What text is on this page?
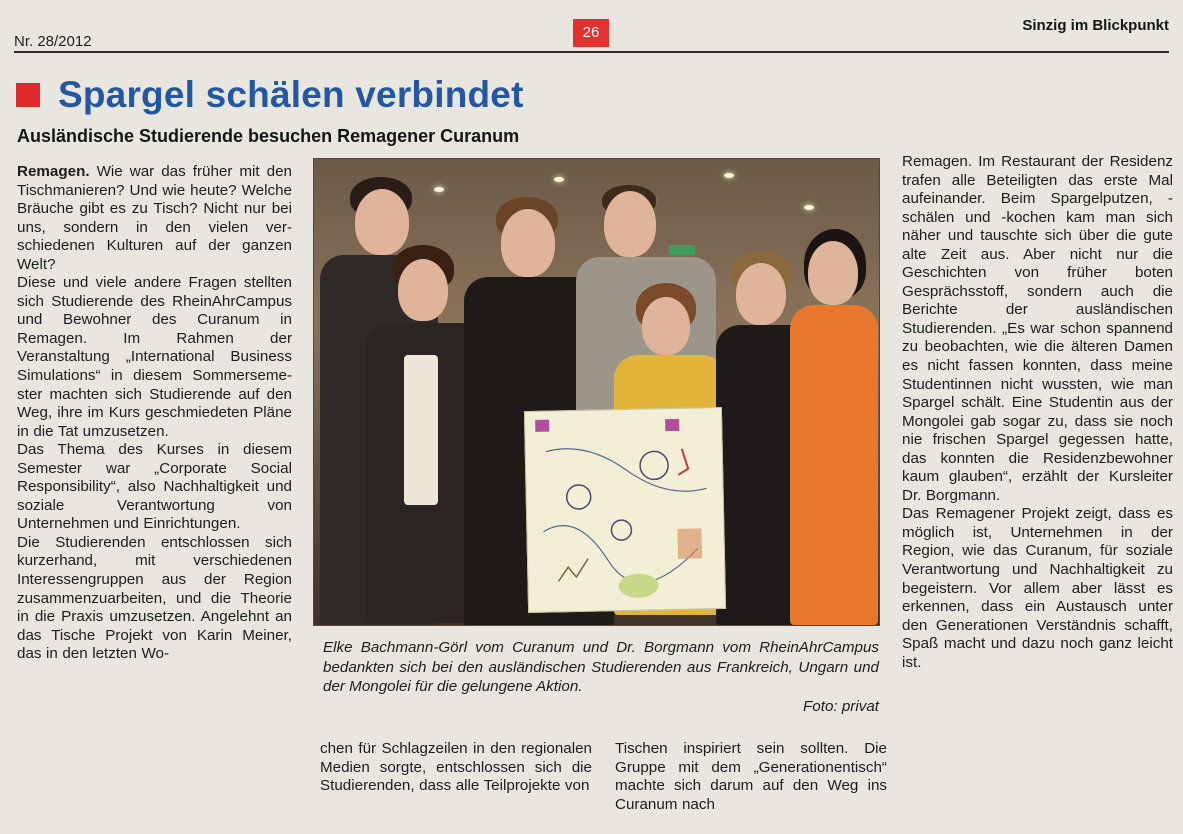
Nr. 28/2012
26	Sinzig im Blickpunkt
Spargel schälen verbindet
Ausländische Studierende besuchen Remagener Curanum

Remagen. Wie war das früher mit den Tischmanieren? Und wie heute? Welche Bräuche gibt es zu Tisch? Nicht nur bei uns, sondern in den vielen verschiedenen Kulturen auf der ganzen Welt?

Diese und viele andere Fragen stellten sich Studierende des RheinAhrCampus und Bewohner des Curanum in Remagen. Im Rahmen der Veranstaltung „International Business Simulations“ in diesem Sommersemester machten sich Studierende auf den Weg, ihre im Kurs geschmiedeten Pläne in die Tat umzusetzen.

Das Thema des Kurses in diesem Semester war „Corporate Social Responsibility“, also Nachhaltigkeit und soziale Verantwortung von Unternehmen und Einrichtungen.

Die Studierenden entschlossen sich kurzerhand, mit verschiedenen Interessengruppen aus der Region zusammenzuarbeiten, und die Theorie in die Praxis umzusetzen. Angelehnt an das Tische Projekt von Karin Meiner, das in den letzten Wo-	Elke Bachmann-Görl vom Curanum und Dr. Borgmann vom RheinAhrCampus bedankten sich bei den ausländischen Studierenden aus Frankreich, Ungarn und der Mongolei für die gelungene Aktion.
Foto: privat

chen für Schlagzeilen in den regionalen Medien sorgte, entschlossen sich die Studierenden, dass alle Teilprojekte von

Tischen inspiriert sein sollten. Die Gruppe mit dem „Generationentisch“ machte sich darum auf den Weg ins Curanum nach

Remagen. Im Restaurant der Residenz trafen alle Beteiligten das erste Mal aufeinander. Beim Spargelputzen, -schälen und -kochen kam man sich näher und tauschte sich über die gute alte Zeit aus. Aber nicht nur die Geschichten von früher boten Gesprächsstoff, sondern auch die Berichte der ausländischen Studierenden. „Es war schon spannend zu beobachten, wie die älteren Damen es nicht fassen konnten, dass meine Studentinnen nicht wussten, wie man Spargel schält. Eine Studentin aus der Mongolei gab sogar zu, dass sie noch nie frischen Spargel gegessen hatte, das konnten die Residenzbewohner kaum glauben“, erzählt der Kursleiter Dr. Borgmann.

Das Remagener Projekt zeigt, dass es möglich ist, Unternehmen in der Region, wie das Curanum, für soziale Verantwortung und Nachhaltigkeit zu begeistern. Vor allem aber lässt es erkennen, dass ein Austausch unter den Generationen Verständnis schafft, Spaß macht und dazu noch ganz leicht ist.
